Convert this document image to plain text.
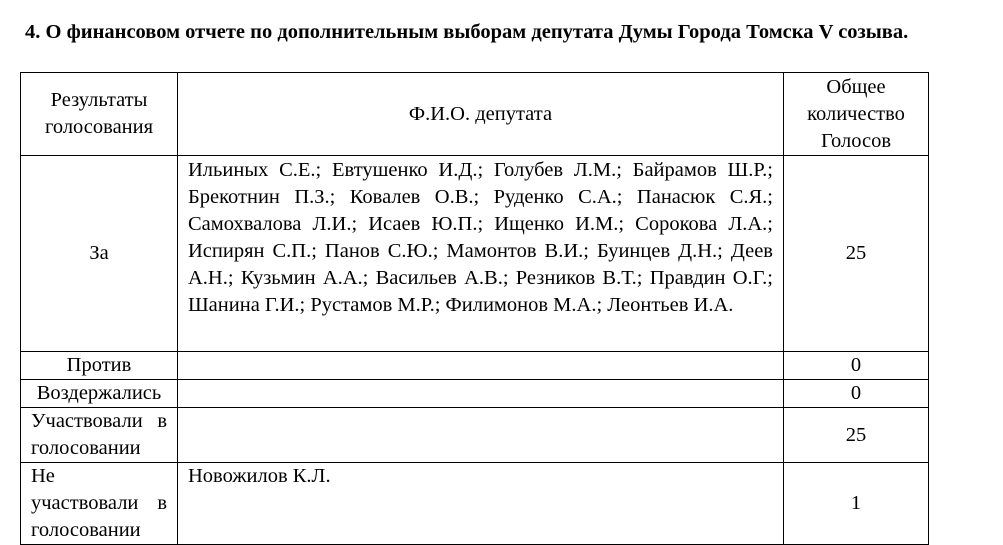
4. О финансовом отчете по дополнительным выборам депутата Думы Города Томска V созыва.
Результаты голосования	Ф.И.О. депутата	Общее количество Голосов
За	Ильиных С.Е.; Евтушенко И.Д.; Голубев Л.М.; Байрамов Ш.Р.; Брекотнин П.З.; Ковалев О.В.; Руденко С.А.; Панасюк С.Я.; Самохвалова Л.И.; Исаев Ю.П.; Ищенко И.М.; Сорокова Л.А.; Испирян С.П.; Панов С.Ю.; Мамонтов В.И.; Буинцев Д.Н.; Деев А.Н.; Кузьмин А.А.; Васильев А.В.; Резников В.Т.; Правдин О.Г.; Шанина Г.И.; Рустамов М.Р.; Филимонов М.А.; Леонтьев И.А.	25
Против		0
Воздержались		0
Участвовали в голосовании		25
Не участвовали в голосовании	Новожилов К.Л.	1
